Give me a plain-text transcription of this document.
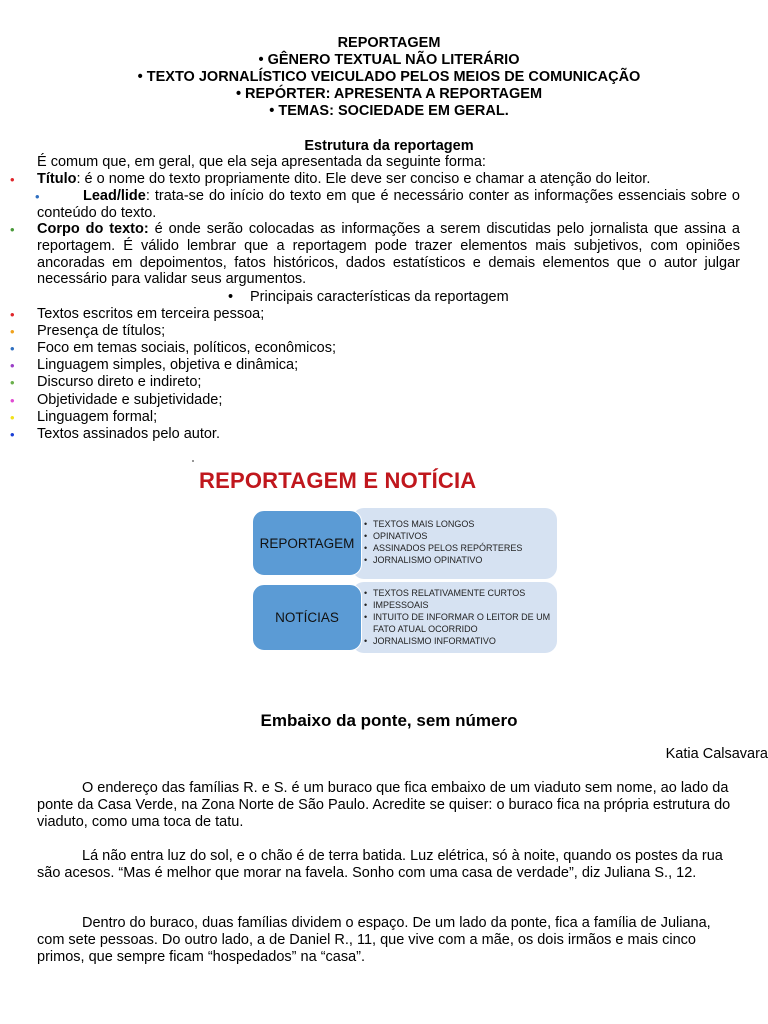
REPORTAGEM
• GÊNERO TEXTUAL NÃO LITERÁRIO
• TEXTO JORNALÍSTICO VEICULADO PELOS MEIOS DE COMUNICAÇÃO
• REPÓRTER: APRESENTA A REPORTAGEM
• TEMAS: SOCIEDADE EM GERAL.
Estrutura da reportagem
É comum que, em geral, que ela seja apresentada da seguinte forma:
• Título: é o nome do texto propriamente dito. Ele deve ser conciso e chamar a atenção do leitor.
•	Lead/lide: trata-se do início do texto em que é necessário conter as informações essenciais sobre o conteúdo do texto.
• Corpo do texto: é onde serão colocadas as informações a serem discutidas pelo jornalista que assina a reportagem. É válido lembrar que a reportagem pode trazer elementos mais subjetivos, com opiniões ancoradas em depoimentos, fatos históricos, dados estatísticos e demais elementos que o autor julgar necessário para validar seus argumentos.
• Principais características da reportagem
• Textos escritos em terceira pessoa;
• Presença de títulos;
• Foco em temas sociais, políticos, econômicos;
• Linguagem simples, objetiva e dinâmica;
• Discurso direto e indireto;
• Objetividade e subjetividade;
• Linguagem formal;
• Textos assinados pelo autor.
REPORTAGEM E NOTÍCIA
REPORTAGEM
• TEXTOS MAIS LONGOS
• OPINATIVOS
• ASSINADOS PELOS REPÓRTERES
• JORNALISMO OPINATIVO
NOTÍCIAS
• TEXTOS RELATIVAMENTE CURTOS
• IMPESSOAIS
• INTUITO DE INFORMAR O LEITOR DE UM
FATO ATUAL OCORRIDO
• JORNALISMO INFORMATIVO
Embaixo da ponte, sem número
Katia Calsavara
O endereço das famílias R. e S. é um buraco que fica embaixo de um viaduto sem nome, ao lado da ponte da Casa Verde, na Zona Norte de São Paulo. Acredite se quiser: o buraco fica na própria estrutura do viaduto, como uma toca de tatu.
Lá não entra luz do sol, e o chão é de terra batida. Luz elétrica, só à noite, quando os postes da rua são acesos. “Mas é melhor que morar na favela. Sonho com uma casa de verdade”, diz Juliana S., 12.
Dentro do buraco, duas famílias dividem o espaço. De um lado da ponte, fica a família de Juliana, com sete pessoas. Do outro lado, a de Daniel R., 11, que vive com a mãe, os dois irmãos e mais cinco primos, que sempre ficam “hospedados” na “casa”.
